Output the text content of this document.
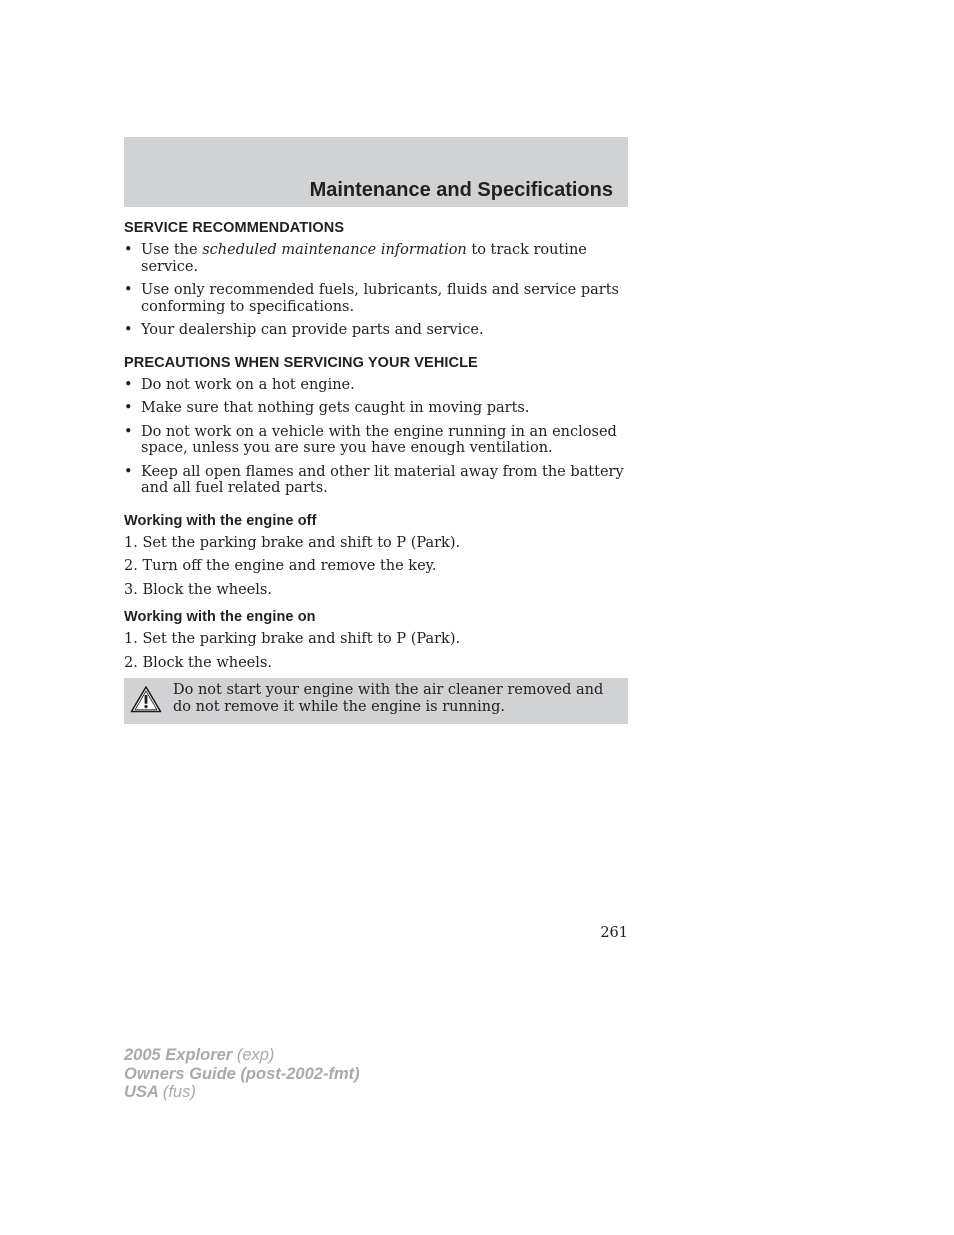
Maintenance and Specifications
SERVICE RECOMMENDATIONS
• Use the scheduled maintenance information to track routine service.
• Use only recommended fuels, lubricants, fluids and service parts conforming to specifications.
• Your dealership can provide parts and service.
PRECAUTIONS WHEN SERVICING YOUR VEHICLE
• Do not work on a hot engine.
• Make sure that nothing gets caught in moving parts.
• Do not work on a vehicle with the engine running in an enclosed space, unless you are sure you have enough ventilation.
• Keep all open flames and other lit material away from the battery and all fuel related parts.
Working with the engine off
1. Set the parking brake and shift to P (Park).
2. Turn off the engine and remove the key.
3. Block the wheels.
Working with the engine on
1. Set the parking brake and shift to P (Park).
2. Block the wheels.
Do not start your engine with the air cleaner removed and do not remove it while the engine is running.
261
2005 Explorer (exp)
Owners Guide (post-2002-fmt)
USA (fus)
